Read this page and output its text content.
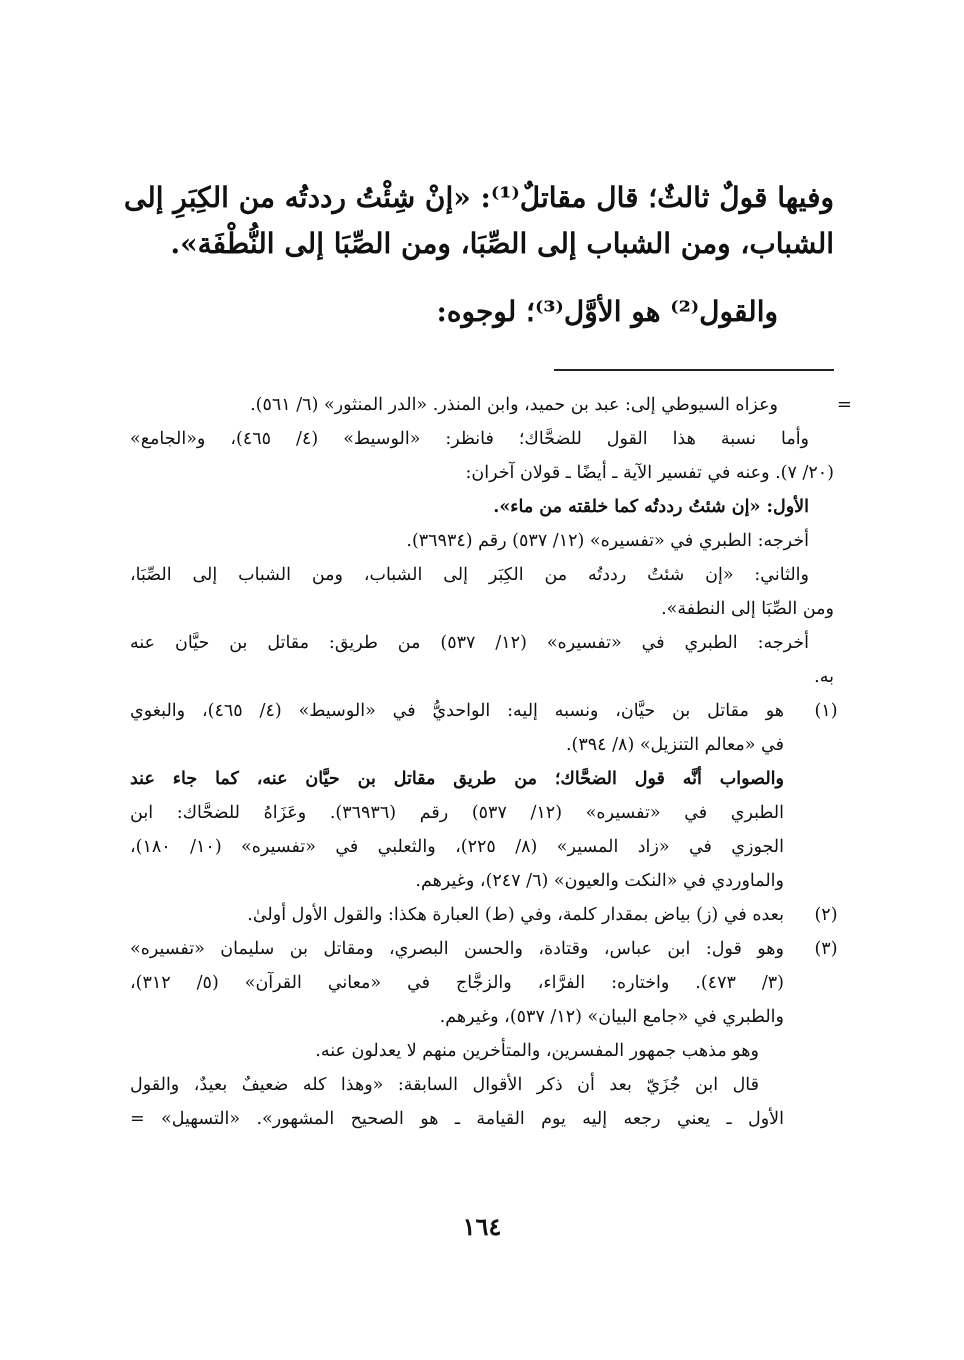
وفيها قولٌ ثالثٌ؛ قال مقاتلٌ⁽¹⁾: «إنْ شِئْتُ رددتُه من الكِبَرِ إلى
الشباب، ومن الشباب إلى الصِّبَا، ومن الصِّبَا إلى النُّطْفَة».
والقول⁽²⁾ هو الأوَّل⁽³⁾؛ لوجوه:
=
وعزاه السيوطي إلى: عبد بن حميد، وابن المنذر. «الدر المنثور» (٦/ ٥٦١).
وأما نسبة هذا القول للضحَّاك؛ فانظر: «الوسيط» (٤/ ٤٦٥)، و«الجامع»
(٢٠/ ٧). وعنه في تفسير الآية ـ أيضًا ـ قولان آخران:
الأول: «إن شئتُ رددتُه كما خلقته من ماء».
أخرجه: الطبري في «تفسيره» (١٢/ ٥٣٧) رقم (٣٦٩٣٤).
والثاني: «إن شئتُ رددتُه من الكِبَر إلى الشباب، ومن الشباب إلى الصِّبَا،
ومن الصِّبَا إلى النطفة».
أخرجه: الطبري في «تفسيره» (١٢/ ٥٣٧) من طريق: مقاتل بن حيَّان عنه
به.
(١)
هو مقاتل بن حيَّان، ونسبه إليه: الواحديُّ في «الوسيط» (٤/ ٤٦٥)، والبغوي
في «معالم التنزيل» (٨/ ٣٩٤).
والصواب أنَّه قول الضحَّاك؛ من طريق مقاتل بن حيَّان عنه، كما جاء عند
الطبري في «تفسيره» (١٢/ ٥٣٧) رقم (٣٦٩٣٦). وعَزَاهُ للضحَّاك: ابن
الجوزي في «زاد المسير» (٨/ ٢٢٥)، والثعلبي في «تفسيره» (١٠/ ١٨٠)،
والماوردي في «النكت والعيون» (٦/ ٢٤٧)، وغيرهم.
(٢)
بعده في (ز) بياض بمقدار كلمة، وفي (ط) العبارة هكذا: والقول الأول أولىٰ.
(٣)
وهو قول: ابن عباس، وقتادة، والحسن البصري، ومقاتل بن سليمان «تفسيره»
(٣/ ٤٧٣). واختاره: الفرَّاء، والزجَّاج في «معاني القرآن» (٥/ ٣١٢)،
والطبري في «جامع البيان» (١٢/ ٥٣٧)، وغيرهم.
وهو مذهب جمهور المفسرين، والمتأخرين منهم لا يعدلون عنه.
قال ابن جُزَيّ بعد أن ذكر الأقوال السابقة: «وهذا كله ضعيفٌ بعيدٌ، والقول
الأول ـ يعني رجعه إليه يوم القيامة ـ هو الصحيح المشهور». «التسهيل» =
١٦٤
